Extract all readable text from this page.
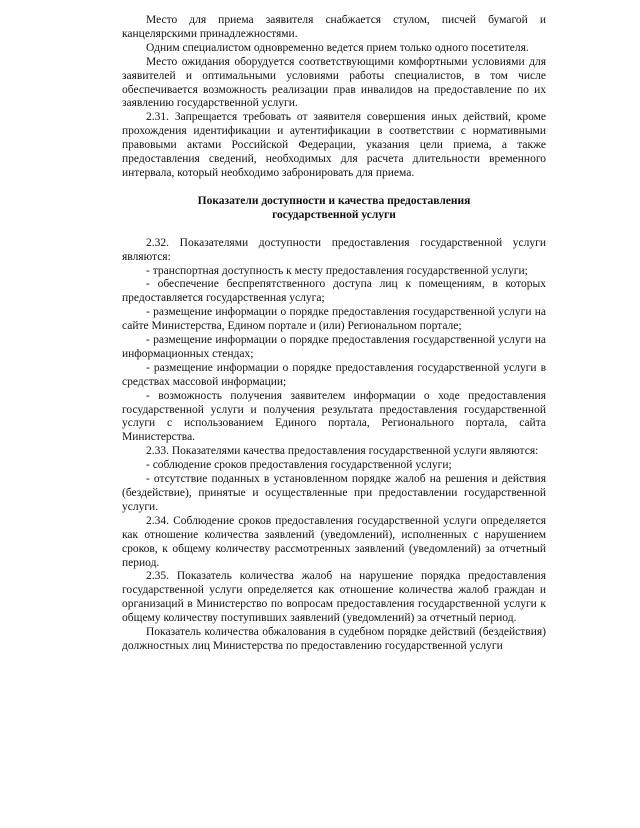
Место для приема заявителя снабжается стулом, писчей бумагой и канцелярскими принадлежностями.

Одним специалистом одновременно ведется прием только одного посетителя.

Место ожидания оборудуется соответствующими комфортными условиями для заявителей и оптимальными условиями работы специалистов, в том числе обеспечивается возможность реализации прав инвалидов на предоставление по их заявлению государственной услуги.

2.31. Запрещается требовать от заявителя совершения иных действий, кроме прохождения идентификации и аутентификации в соответствии с нормативными правовыми актами Российской Федерации, указания цели приема, а также предоставления сведений, необходимых для расчета длительности временного интервала, который необходимо забронировать для приема.

Показатели доступности и качества предоставления государственной услуги

2.32. Показателями доступности предоставления государственной услуги являются:

- транспортная доступность к месту предоставления государственной услуги;

- обеспечение беспрепятственного доступа лиц к помещениям, в которых предоставляется государственная услуга;

- размещение информации о порядке предоставления государственной услуги на сайте Министерства, Едином портале и (или) Региональном портале;

- размещение информации о порядке предоставления государственной услуги на информационных стендах;

- размещение информации о порядке предоставления государственной услуги в средствах массовой информации;

- возможность получения заявителем информации о ходе предоставления государственной услуги и получения результата предоставления государственной услуги с использованием Единого портала, Регионального портала, сайта Министерства.

2.33. Показателями качества предоставления государственной услуги являются:

- соблюдение сроков предоставления государственной услуги;

- отсутствие поданных в установленном порядке жалоб на решения и действия (бездействие), принятые и осуществленные при предоставлении государственной услуги.

2.34. Соблюдение сроков предоставления государственной услуги определяется как отношение количества заявлений (уведомлений), исполненных с нарушением сроков, к общему количеству рассмотренных заявлений (уведомлений) за отчетный период.

2.35. Показатель количества жалоб на нарушение порядка предоставления государственной услуги определяется как отношение количества жалоб граждан и организаций в Министерство по вопросам предоставления государственной услуги к общему количеству поступивших заявлений (уведомлений) за отчетный период.

Показатель количества обжалования в судебном порядке действий (бездействия) должностных лиц Министерства по предоставлению государственной услуги
